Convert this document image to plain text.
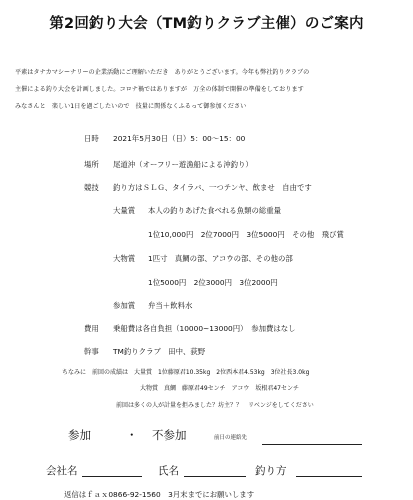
第2回釣り大会（TM釣りクラブ主催）のご案内
平素はタナカマシーナリーの企業活動にご理解いただき　ありがとうございます。今年も弊社釣りクラブの
主催による釣り大会を計画しました。コロナ禍ではありますが　万全の体制で開催の準備をしております
みなさんと　楽しい1日を過ごしたいので　技量に関係なくふるって御参加ください
日時 2021年5月30日（日）5：00～15：00
場所 尾道沖（オーフリー遊漁船による沖釣り）
競技 釣り方はＳＬＧ、タイラバ、一つテンヤ、飲ませ　自由です
大量賞 本人の釣りあげた食べれる魚類の総重量
1位10,000円　2位7000円　3位5000円　その他　飛び賞
大物賞 1匹寸　真鯛の部、アコウの部、その他の部
1位5000円　2位3000円　3位2000円
参加賞 弁当＋飲料水
費用 乗船費は各自負担（10000~13000円）　参加費はなし
幹事 TM釣りクラブ　田中、荻野
ちなみに　前回の成績は　大量賞　1位藤原君10.35kg　2位西本君4.53kg　3位社長3.0kg
大物賞　真鯛　藤原君49センチ　アコウ　坂根君47センチ
前回は多くの人が計量を拒みました？坊主？？　リベンジをしてください
参加	・ 不参加	前日の連絡先
会社名	氏名	釣り方
返信はｆａｘ0866-92-1560　3月末までにお願いします
